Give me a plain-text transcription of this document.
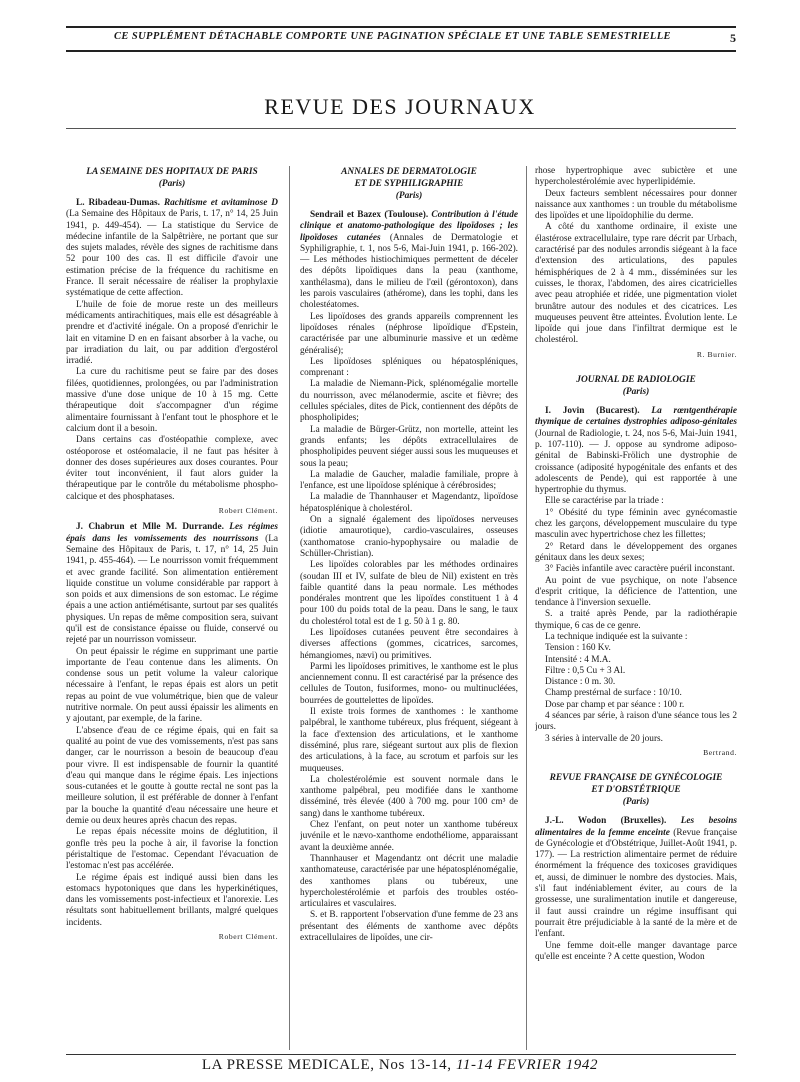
CE SUPPLÉMENT DÉTACHABLE COMPORTE UNE PAGINATION SPÉCIALE ET UNE TABLE SEMESTRIELLE	5
REVUE DES JOURNAUX
LA SEMAINE DES HOPITAUX DE PARIS
(Paris)

L. Ribadeau-Dumas. Rachitisme et avitaminose D (La Semaine des Hôpitaux de Paris, t. 17, n° 14, 25 Juin 1941, p. 449-454). — La statistique du Service de médecine infantile de la Salpêtrière, ne portant que sur des sujets malades, révèle des signes de rachitisme dans 52 pour 100 des cas. Il est difficile d'avoir une estimation précise de la fréquence du rachitisme en France. Il serait nécessaire de réaliser la prophylaxie systématique de cette affection.

L'huile de foie de morue reste un des meilleurs médicaments antirachitiques, mais elle est désagréable à prendre et d'activité inégale. On a proposé d'enrichir le lait en vitamine D en en faisant absorber à la vache, ou par irradiation du lait, ou par addition d'ergostérol irradié.

La cure du rachitisme peut se faire par des doses filées, quotidiennes, prolongées, ou par l'administration massive d'une dose unique de 10 à 15 mg. Cette thérapeutique doit s'accompagner d'un régime alimentaire fournissant à l'enfant tout le phosphore et le calcium dont il a besoin.

Dans certains cas d'ostéopathie complexe, avec ostéoporose et ostéomalacie, il ne faut pas hésiter à donner des doses supérieures aux doses courantes. Pour éviter tout inconvénient, il faut alors guider la thérapeutique par le contrôle du métabolisme phospho-calcique et des phosphatases.

Robert Clément.

J. Chabrun et Mlle M. Durrande. Les régimes épais dans les vomissements des nourrissons (La Semaine des Hôpitaux de Paris, t. 17, n° 14, 25 Juin 1941, p. 455-464). — Le nourrisson vomit fréquemment et avec grande facilité. Son alimentation entièrement liquide constitue un volume considérable par rapport à son poids et aux dimensions de son estomac. Le régime épais a une action antiémétisante, surtout par ses qualités physiques. Un repas de même composition sera, suivant qu'il est de consistance épaisse ou fluide, conservé ou rejeté par un nourrisson vomisseur.

On peut épaissir le régime en supprimant une partie importante de l'eau contenue dans les aliments. On condense sous un petit volume la valeur calorique nécessaire à l'enfant, le repas épais est alors un petit repas au point de vue volumétrique, bien que de valeur nutritive normale. On peut aussi épaissir les aliments en y ajoutant, par exemple, de la farine.

L'absence d'eau de ce régime épais, qui en fait sa qualité au point de vue des vomissements, n'est pas sans danger, car le nourrisson a besoin de beaucoup d'eau pour vivre. Il est indispensable de fournir la quantité d'eau qui manque dans le régime épais. Les injections sous-cutanées et le goutte à goutte rectal ne sont pas la meilleure solution, il est préférable de donner à l'enfant par la bouche la quantité d'eau nécessaire une heure et demie ou deux heures après chacun des repas.

Le repas épais nécessite moins de déglutition, il gonfle très peu la poche à air, il favorise la fonction péristaltique de l'estomac. Cependant l'évacuation de l'estomac n'est pas accélérée.

Le régime épais est indiqué aussi bien dans les estomacs hypotoniques que dans les hyperkinétiques, dans les vomissements post-infectieux et l'anorexie. Les résultats sont habituellement brillants, malgré quelques incidents.

Robert Clément.

ANNALES DE DERMATOLOGIE
ET DE SYPHILIGRAPHIE
(Paris)

Sendrail et Bazex (Toulouse). Contribution à l'étude clinique et anatomo-pathologique des lipoïdoses ; les lipoïdoses cutanées (Annales de Dermatologie et Syphiligraphie, t. 1, nos 5-6, Mai-Juin 1941, p. 166-202). — Les méthodes histiochimiques permettent de déceler des dépôts lipoïdiques dans la peau (xanthome, xanthélasma), dans le milieu de l'œil (gérontoxon), dans les parois vasculaires (athérome), dans les tophi, dans les cholestéatomes.

Les lipoïdoses des grands appareils comprennent les lipoïdoses rénales (néphrose lipoïdique d'Epstein, caractérisée par une albuminurie massive et un œdème généralisé);

Les lipoïdoses spléniques ou hépatospléniques, comprenant :

La maladie de Niemann-Pick, splénomégalie mortelle du nourrisson, avec mélanodermie, ascite et fièvre; des cellules spéciales, dites de Pick, contiennent des dépôts de phospholipides;

La maladie de Bürger-Grütz, non mortelle, atteint les grands enfants; les dépôts extracellulaires de phospholipides peuvent siéger aussi sous les muqueuses et sous la peau;

La maladie de Gaucher, maladie familiale, propre à l'enfance, est une lipoïdose splénique à cérébrosides;

La maladie de Thannhauser et Magendantz, lipoïdose hépatosplénique à cholestérol.

On a signalé également des lipoïdoses nerveuses (idiotie amaurotique), cardio-vasculaires, osseuses (xanthomatose cranio-hypophysaire ou maladie de Schüller-Christian).

Les lipoïdes colorables par les méthodes ordinaires (soudan III et IV, sulfate de bleu de Nil) existent en très faible quantité dans la peau normale. Les méthodes pondérales montrent que les lipoïdes constituent 1 à 4 pour 100 du poids total de la peau. Dans le sang, le taux du cholestérol total est de 1 g. 50 à 1 g. 80.

Les lipoïdoses cutanées peuvent être secondaires à diverses affections (gommes, cicatrices, sarcomes, hémangiomes, nævi) ou primitives.

Parmi les lipoïdoses primitives, le xanthome est le plus anciennement connu. Il est caractérisé par la présence des cellules de Touton, fusiformes, mono- ou multinucléées, bourrées de gouttelettes de lipoïdes.

Il existe trois formes de xanthomes : le xanthome palpébral, le xanthome tubéreux, plus fréquent, siégeant à la face d'extension des articulations, et le xanthome disséminé, plus rare, siégeant surtout aux plis de flexion des articulations, à la face, au scrotum et parfois sur les muqueuses.

La cholestérolémie est souvent normale dans le xanthome palpébral, peu modifiée dans le xanthome disséminé, très élevée (400 à 700 mg. pour 100 cm³ de sang) dans le xanthome tubéreux.

Chez l'enfant, on peut noter un xanthome tubéreux juvénile et le nævo-xanthome endothéliome, apparaissant avant la deuxième année.

Thannhauser et Magendantz ont décrit une maladie xanthomateuse, caractérisée par une hépatosplénomégalie, des xanthomes plans ou tubéreux, une hypercholestérolémie et parfois des troubles ostéo-articulaires et vasculaires.

S. et B. rapportent l'observation d'une femme de 23 ans présentant des éléments de xanthome avec dépôts extracellulaires de lipoïdes, une cir-

rhose hypertrophique avec subictère et une hypercholestérolémie avec hyperlipidémie.

Deux facteurs semblent nécessaires pour donner naissance aux xanthomes : un trouble du métabolisme des lipoïdes et une lipoïdophilie du derme.

A côté du xanthome ordinaire, il existe une élastérose extracellulaire, type rare décrit par Urbach, caractérisé par des nodules arrondis siégeant à la face d'extension des articulations, des papules hémisphériques de 2 à 4 mm., disséminées sur les cuisses, le thorax, l'abdomen, des aires cicatricielles avec peau atrophiée et ridée, une pigmentation violet brunâtre autour des nodules et des cicatrices. Les muqueuses peuvent être atteintes. Évolution lente. Le lipoïde qui joue dans l'infiltrat dermique est le cholestérol.

R. Burnier.

JOURNAL DE RADIOLOGIE
(Paris)

I. Jovin (Bucarest). La rœntgenthérapie thymique de certaines dystrophies adiposo-génitales (Journal de Radiologie, t. 24, nos 5-6, Mai-Juin 1941, p. 107-110). — J. oppose au syndrome adiposo-génital de Babinski-Frölich une dystrophie de croissance (adiposité hypogénitale des enfants et des adolescents de Pende), qui est rapportée à une hypertrophie du thymus.

Elle se caractérise par la triade :

1° Obésité du type féminin avec gynécomastie chez les garçons, développement musculaire du type masculin avec hypertrichose chez les fillettes;

2° Retard dans le développement des organes génitaux dans les deux sexes;

3° Faciès infantile avec caractère puéril inconstant.

Au point de vue psychique, on note l'absence d'esprit critique, la déficience de l'attention, une tendance à l'inversion sexuelle.

S. a traité après Pende, par la radiothérapie thymique, 6 cas de ce genre.

La technique indiquée est la suivante :

Tension : 160 Kv.

Intensité : 4 M.A.

Filtre : 0,5 Cu + 3 Al.

Distance : 0 m. 30.

Champ prestérnal de surface : 10/10.

Dose par champ et par séance : 100 r.

4 séances par série, à raison d'une séance tous les 2 jours.

3 séries à intervalle de 20 jours.

Bertrand.

REVUE FRANÇAISE DE GYNÉCOLOGIE
ET D'OBSTÉTRIQUE
(Paris)

J.-L. Wodon (Bruxelles). Les besoins alimentaires de la femme enceinte (Revue française de Gynécologie et d'Obstétrique, Juillet-Août 1941, p. 177). — La restriction alimentaire permet de réduire énormément la fréquence des toxicoses gravidiques et, aussi, de diminuer le nombre des dystocies. Mais, s'il faut indéniablement éviter, au cours de la grossesse, une suralimentation inutile et dangereuse, il faut aussi craindre un régime insuffisant qui pourrait être préjudiciable à la santé de la mère et de l'enfant.

Une femme doit-elle manger davantage parce qu'elle est enceinte ? A cette question, Wodon

LA PRESSE MEDICALE, Nos 13-14, 11-14 FEVRIER 1942
